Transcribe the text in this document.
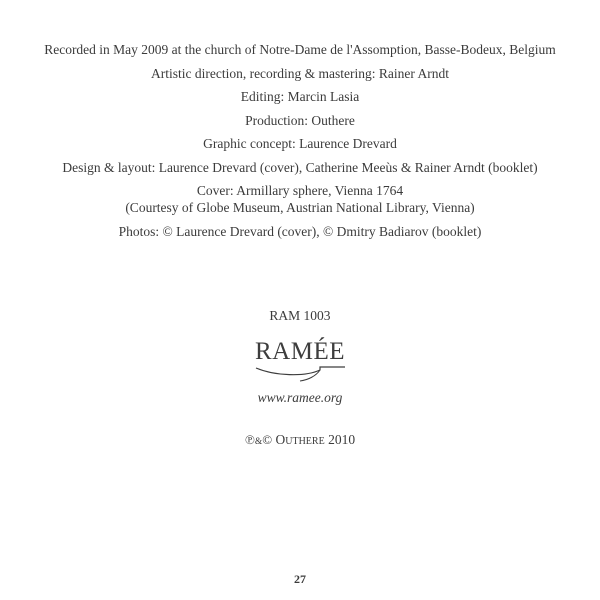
Recorded in May 2009 at the church of Notre-Dame de l'Assomption, Basse-Bodeux, Belgium

Artistic direction, recording & mastering: Rainer Arndt

Editing: Marcin Lasia

Production: Outhere

Graphic concept: Laurence Drevard

Design & layout: Laurence Drevard (cover), Catherine Meeùs & Rainer Arndt (booklet)

Cover: Armillary sphere, Vienna 1764

(Courtesy of Globe Museum, Austrian National Library, Vienna)

Photos: © Laurence Drevard (cover), © Dmitry Badiarov (booklet)

RAM 1003
RAMÉE
www.ramee.org
℗&© OUTHERE 2010
27
